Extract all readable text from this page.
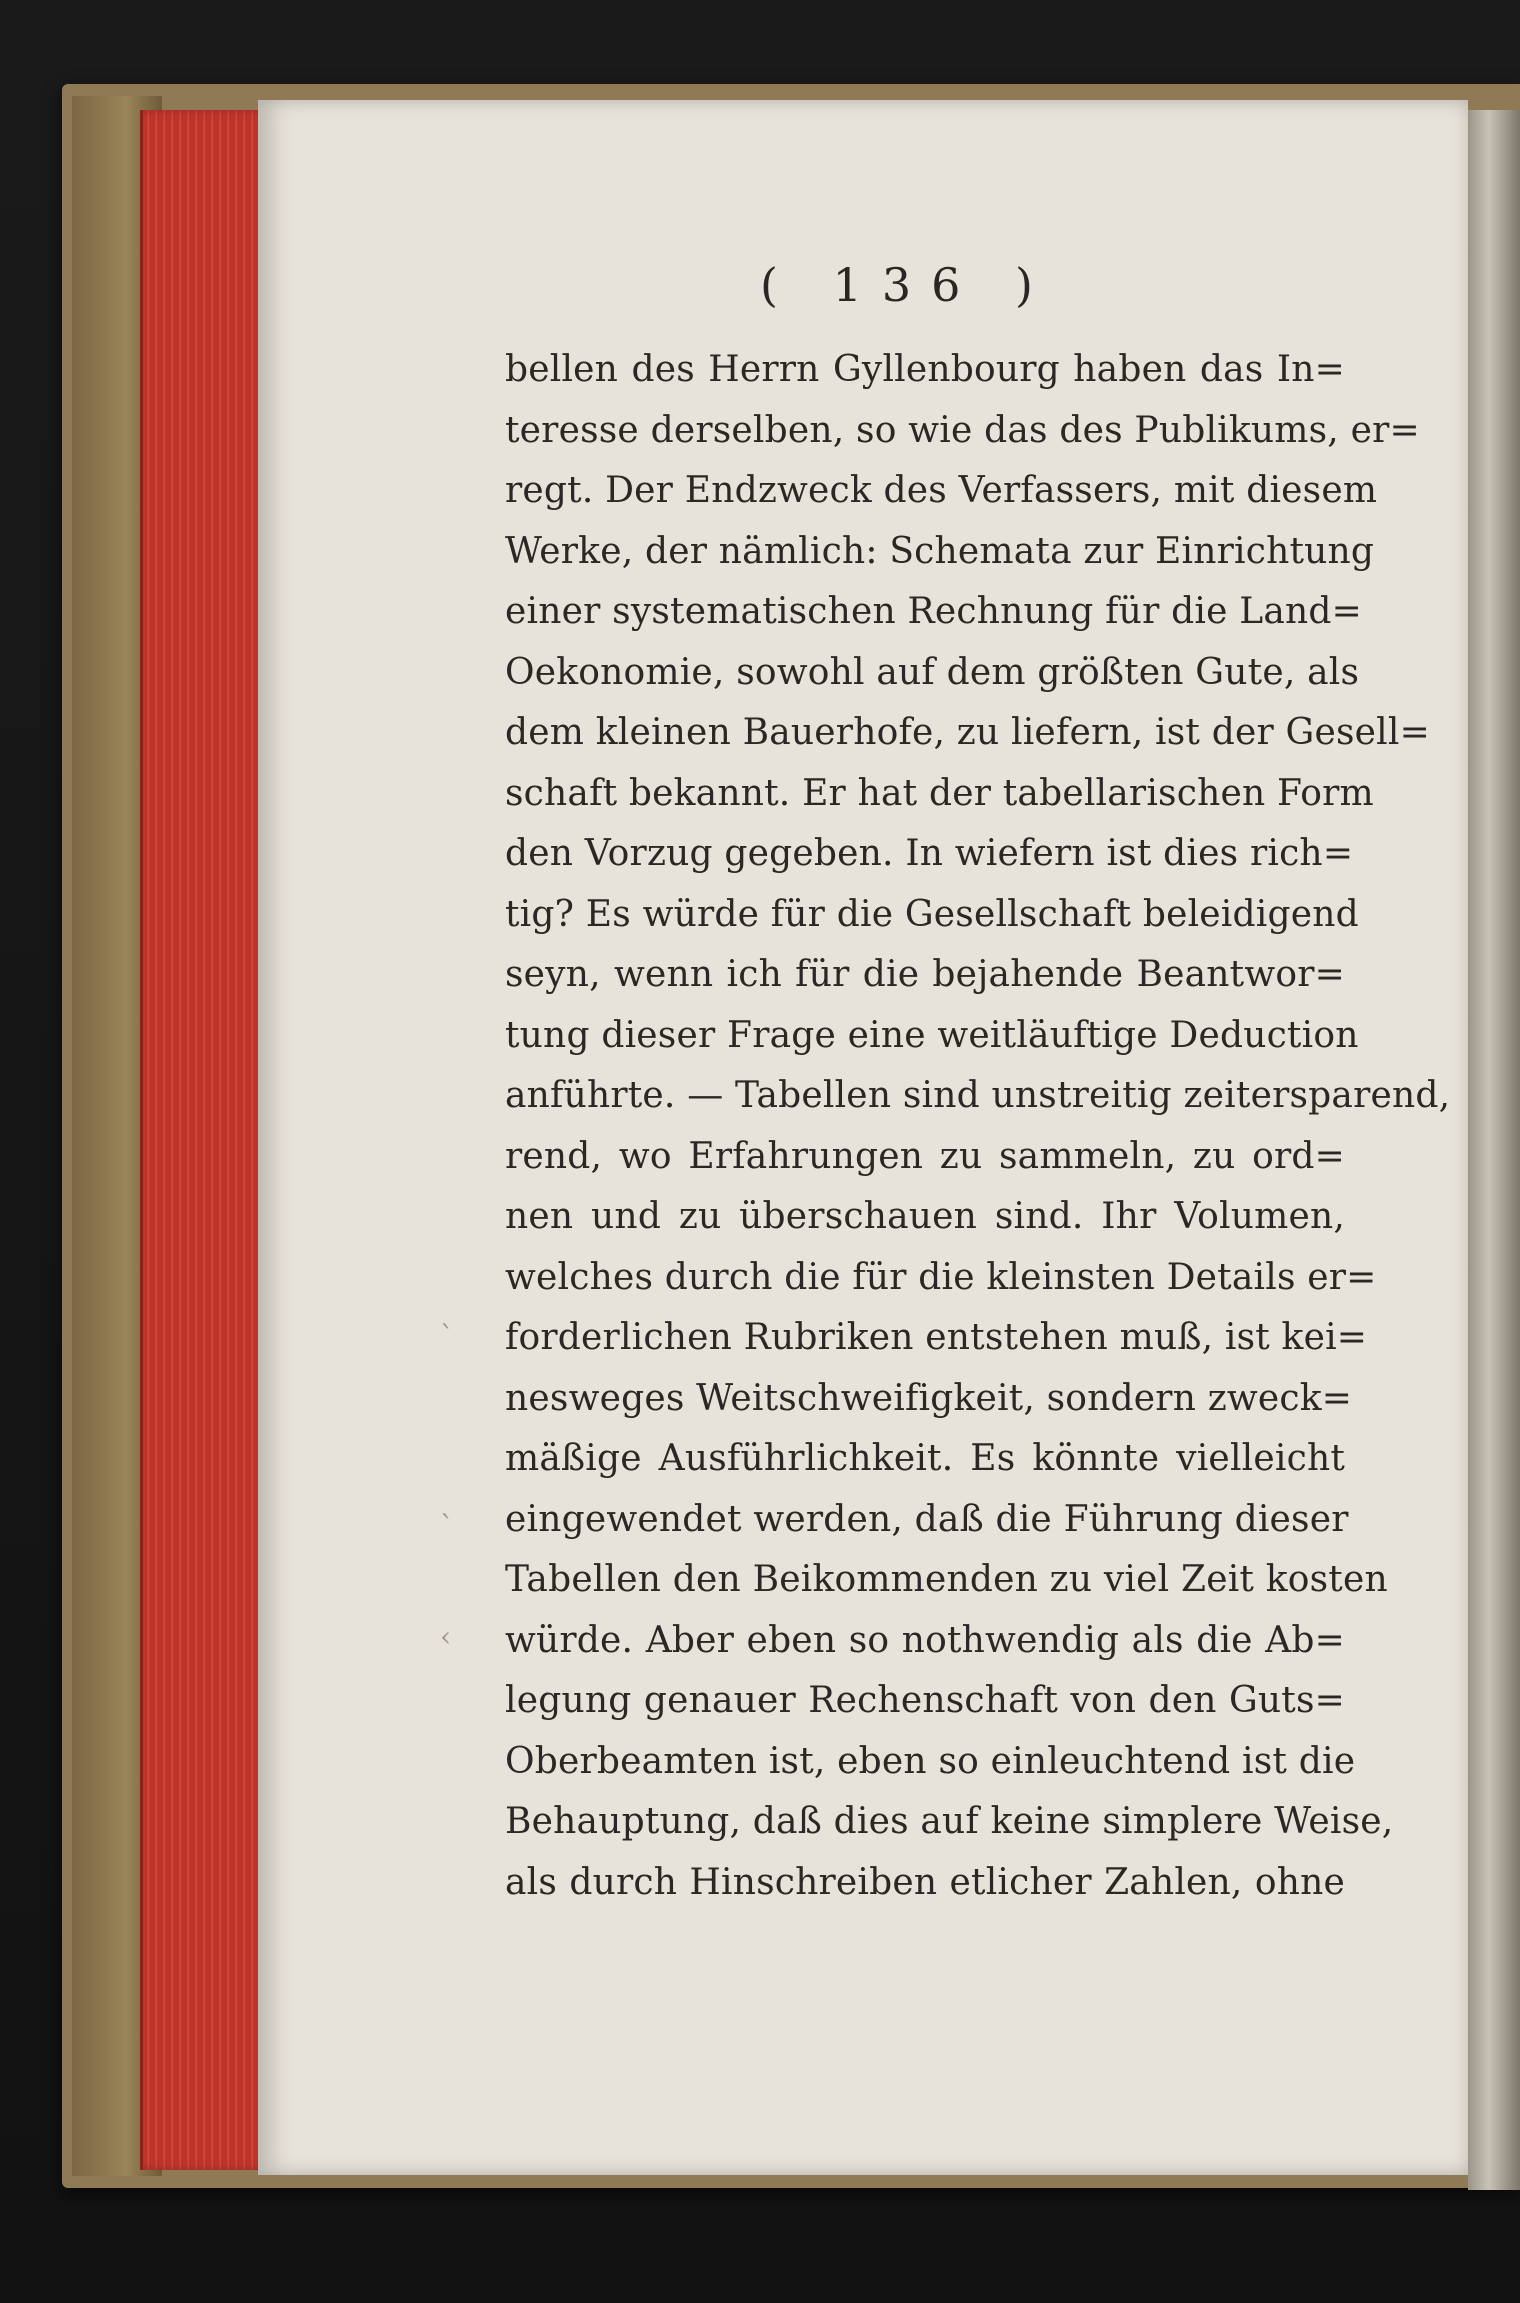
( 136 )
ˋ
ˋ
‹
bellen des Herrn Gyllenbourg haben das In=
teresse derselben, so wie das des Publikums, er=
regt. Der Endzweck des Verfassers, mit diesem
Werke, der nämlich: Schemata zur Einrichtung
einer systematischen Rechnung für die Land=
Oekonomie, sowohl auf dem größten Gute, als
dem kleinen Bauerhofe, zu liefern, ist der Gesell=
schaft bekannt. Er hat der tabellarischen Form
den Vorzug gegeben. In wiefern ist dies rich=
tig? Es würde für die Gesellschaft beleidigend
seyn, wenn ich für die bejahende Beantwor=
tung dieser Frage eine weitläuftige Deduction
anführte. — Tabellen sind unstreitig zeitersparend,
rend, wo Erfahrungen zu sammeln, zu ord=
nen und zu überschauen sind. Ihr Volumen,
welches durch die für die kleinsten Details er=
forderlichen Rubriken entstehen muß, ist kei=
nesweges Weitschweifigkeit, sondern zweck=
mäßige Ausführlichkeit. Es könnte vielleicht
eingewendet werden, daß die Führung dieser
Tabellen den Beikommenden zu viel Zeit kosten
würde. Aber eben so nothwendig als die Ab=
legung genauer Rechenschaft von den Guts=
Oberbeamten ist, eben so einleuchtend ist die
Behauptung, daß dies auf keine simplere Weise,
als durch Hinschreiben etlicher Zahlen, ohne
